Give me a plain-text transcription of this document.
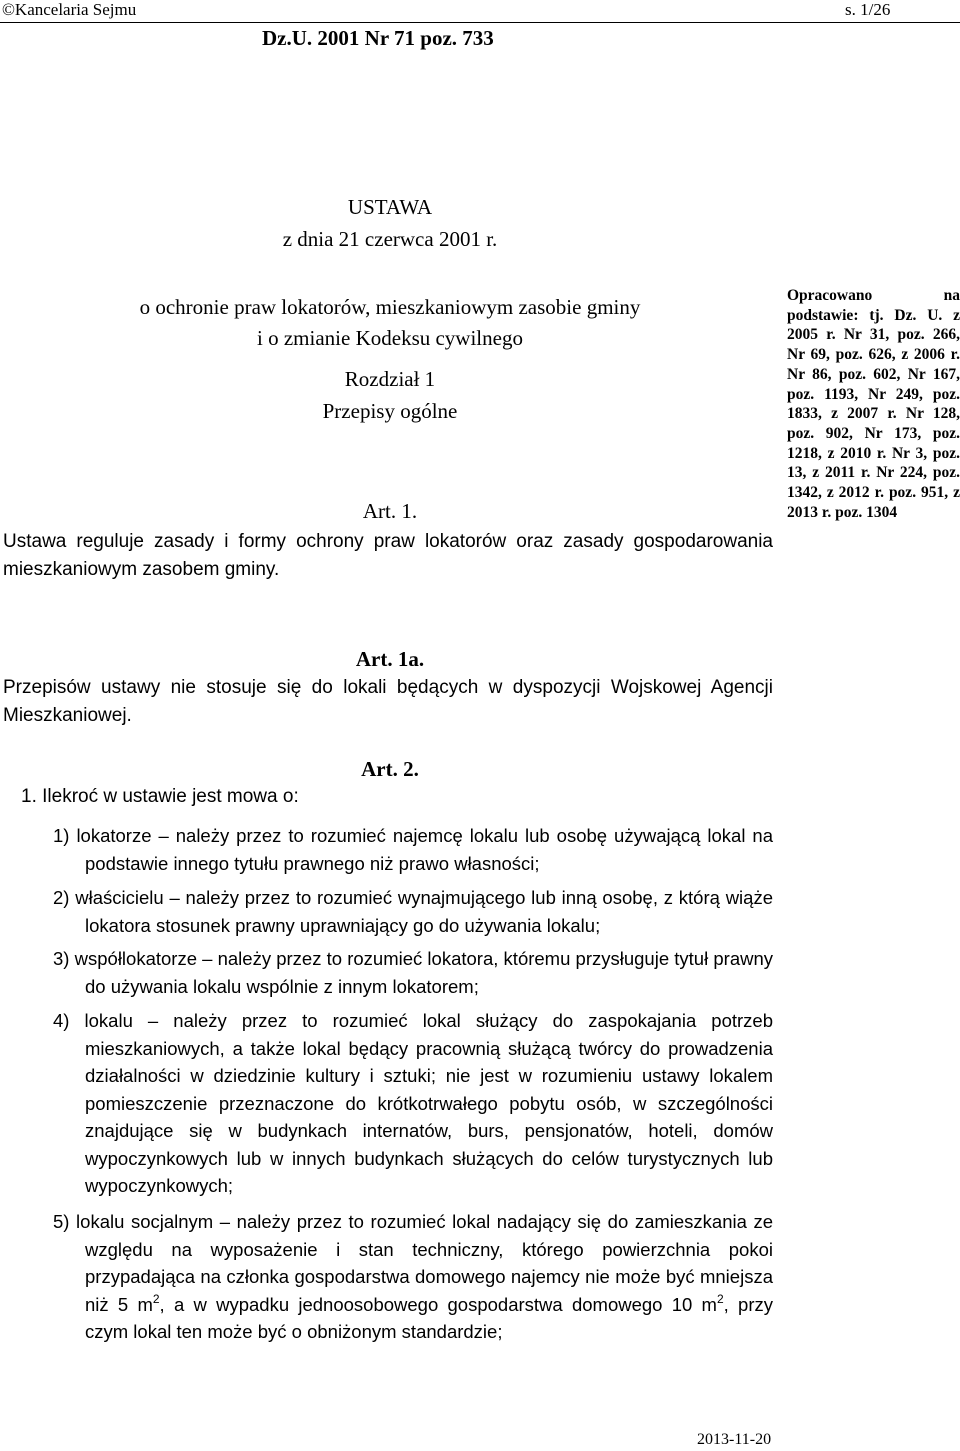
©Kancelaria Sejmu	s. 1/26
Dz.U. 2001 Nr 71 poz. 733
USTAWA
z dnia 21 czerwca 2001 r.
o ochronie praw lokatorów, mieszkaniowym zasobie gminy
i o zmianie Kodeksu cywilnego
Rozdział 1
Przepisy ogólne
Opracowano na podstawie: tj. Dz. U. z 2005 r. Nr 31, poz. 266, Nr 69, poz. 626, z 2006 r. Nr 86, poz. 602, Nr 167, poz. 1193, Nr 249, poz. 1833, z 2007 r. Nr 128, poz. 902, Nr 173, poz. 1218, z 2010 r. Nr 3, poz. 13, z 2011 r. Nr 224, poz. 1342, z 2012 r. poz. 951, z 2013 r. poz. 1304
Art. 1.
Ustawa reguluje zasady i formy ochrony praw lokatorów oraz zasady gospodarowania mieszkaniowym zasobem gminy.
Art. 1a.
Przepisów ustawy nie stosuje się do lokali będących w dyspozycji Wojskowej Agencji Mieszkaniowej.
Art. 2.
1. Ilekroć w ustawie jest mowa o:
1) lokatorze – należy przez to rozumieć najemcę lokalu lub osobę używającą lokal na podstawie innego tytułu prawnego niż prawo własności;
2) właścicielu – należy przez to rozumieć wynajmującego lub inną osobę, z którą wiąże lokatora stosunek prawny uprawniający go do używania lokalu;
3) współlokatorze – należy przez to rozumieć lokatora, któremu przysługuje tytuł prawny do używania lokalu wspólnie z innym lokatorem;
4) lokalu – należy przez to rozumieć lokal służący do zaspokajania potrzeb mieszkaniowych, a także lokal będący pracownią służącą twórcy do prowadzenia działalności w dziedzinie kultury i sztuki; nie jest w rozumieniu ustawy lokalem pomieszczenie przeznaczone do krótkotrwałego pobytu osób, w szczególności znajdujące się w budynkach internatów, burs, pensjonatów, hoteli, domów wypoczynkowych lub w innych budynkach służących do celów turystycznych lub wypoczynkowych;
5) lokalu socjalnym – należy przez to rozumieć lokal nadający się do zamieszkania ze względu na wyposażenie i stan techniczny, którego powierzchnia pokoi przypadająca na członka gospodarstwa domowego najemcy nie może być mniejsza niż 5 $m^2$, a w wypadku jednoosobowego gospodarstwa domowego 10 $m^2$, przy czym lokal ten może być o obniżonym standardzie;
2013-11-20
